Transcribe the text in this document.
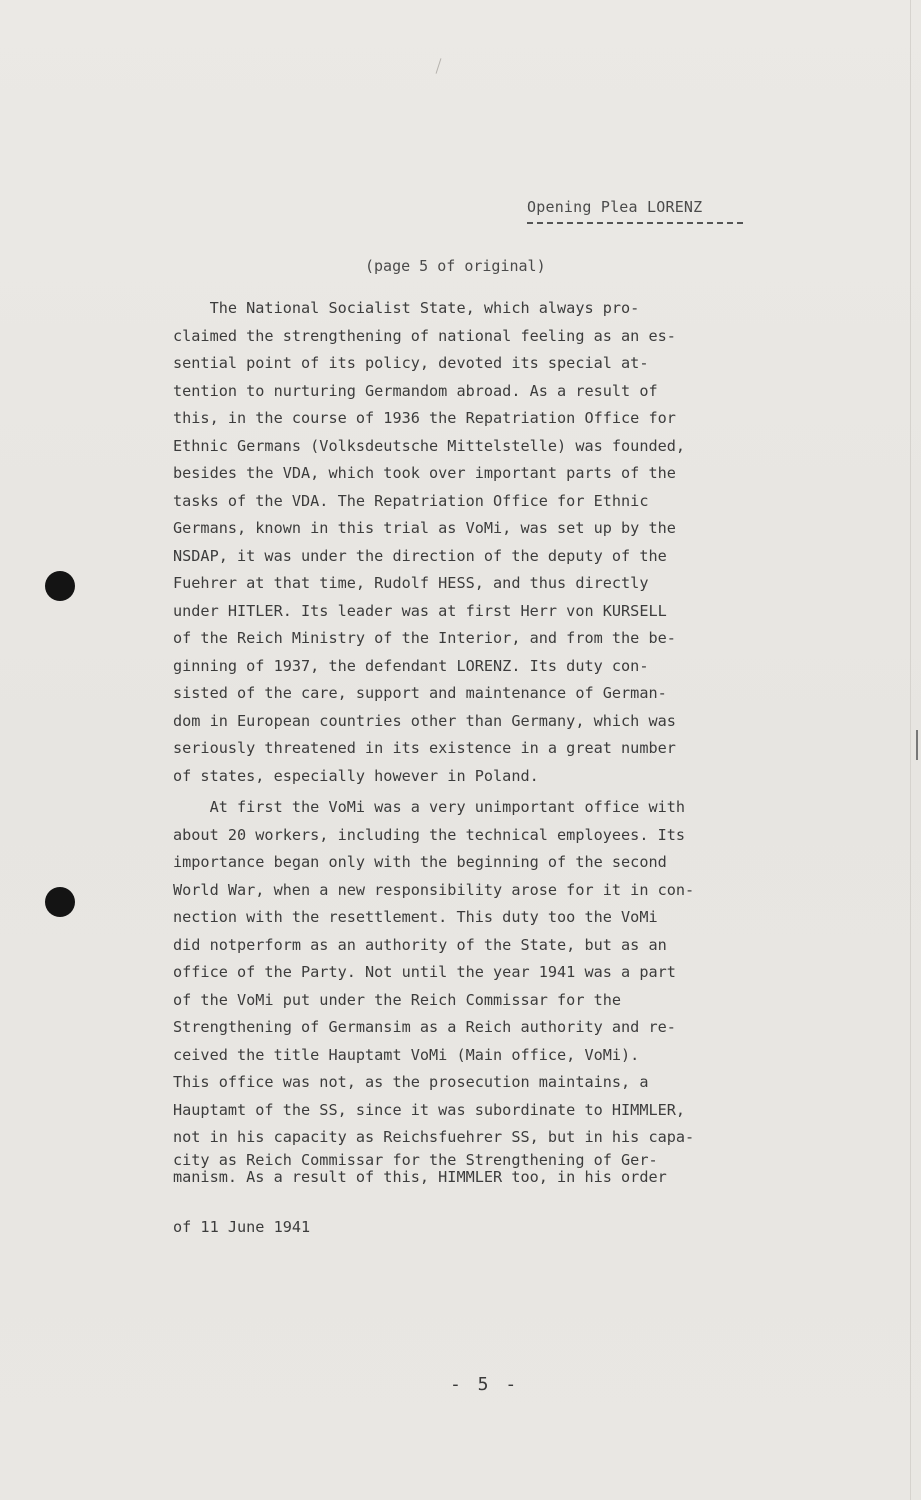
Opening Plea LORENZ
(page 5 of original)
The National Socialist State, which always pro-
claimed the strengthening of national feeling as an es-
sential point of its policy, devoted its special at-
tention to nurturing Germandom abroad. As a result of
this, in the course of 1936 the Repatriation Office for
Ethnic Germans (Volksdeutsche Mittelstelle) was founded,
besides the VDA, which took over important parts of the
tasks of the VDA. The Repatriation Office for Ethnic
Germans, known in this trial as VoMi, was set up by the
NSDAP, it was under the direction of the deputy of the
Fuehrer at that time, Rudolf HESS, and thus directly
under HITLER. Its leader was at first Herr von KURSELL
of the Reich Ministry of the Interior, and from the be-
ginning of 1937, the defendant LORENZ. Its duty con-
sisted of the care, support and maintenance of German-
dom in European countries other than Germany, which was
seriously threatened in its existence in a great number
of states, especially however in Poland.
At first the VoMi was a very unimportant office with
about 20 workers, including the technical employees. Its
importance began only with the beginning of the second
World War, when a new responsibility arose for it in con-
nection with the resettlement. This duty too the VoMi
did notperform as an authority of the State, but as an
office of the Party. Not until the year 1941 was a part
of the VoMi put under the Reich Commissar for the
Strengthening of Germansim as a Reich authority and re-
ceived the title Hauptamt VoMi (Main office, VoMi).
This office was not, as the prosecution maintains, a
Hauptamt of the SS, since it was subordinate to HIMMLER,
not in his capacity as Reichsfuehrer SS, but in his capa-
city as Reich Commissar for the Strengthening of Ger-
manism. As a result of this, HIMMLER too, in his order
of 11 June 1941
- 5 -
